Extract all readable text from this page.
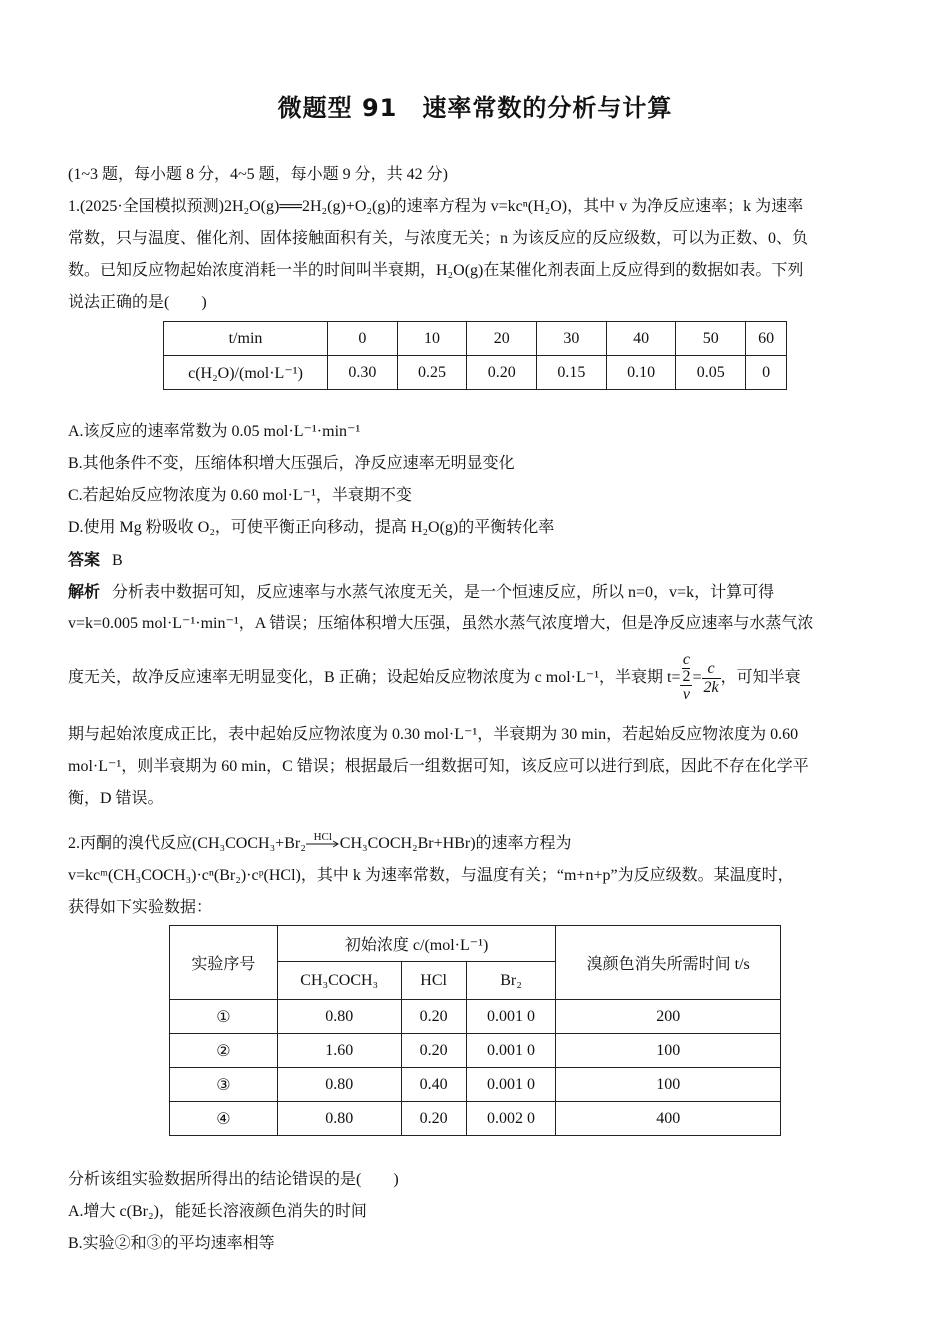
微题型 91　速率常数的分析与计算
(1~3 题，每小题 8 分，4~5 题，每小题 9 分，共 42 分)
1.(2025·全国模拟预测)2H₂O(g)══2H₂(g)+O₂(g)的速率方程为 v=kcⁿ(H₂O)，其中 v 为净反应速率；k 为速率
常数，只与温度、催化剂、固体接触面积有关，与浓度无关；n 为该反应的反应级数，可以为正数、0、负
数。已知反应物起始浓度消耗一半的时间叫半衰期，H₂O(g)在某催化剂表面上反应得到的数据如表。下列
说法正确的是(　　)
t/min	0	10	20	30	40	50	60
c(H₂O)/(mol·L⁻¹)	0.30	0.25	0.20	0.15	0.10	0.05	0
A.该反应的速率常数为 0.05 mol·L⁻¹·min⁻¹
B.其他条件不变，压缩体积增大压强后，净反应速率无明显变化
C.若起始反应物浓度为 0.60 mol·L⁻¹，半衰期不变
D.使用 Mg 粉吸收 O₂，可使平衡正向移动，提高 H₂O(g)的平衡转化率
答案 B
解析 分析表中数据可知，反应速率与水蒸气浓度无关，是一个恒速反应，所以 n=0，v=k，计算可得
v=k=0.005 mol·L⁻¹·min⁻¹，A 错误；压缩体积增大压强，虽然水蒸气浓度增大，但是净反应速率与水蒸气浓
度无关，故净反应速率无明显变化，B 正确；设起始反应物浓度为 c mol·L⁻¹，半衰期 t=
c
2
v
= $\frac{c}{2k}$ ，可知半衰
期与起始浓度成正比，表中起始反应物浓度为 0.30 mol·L⁻¹，半衰期为 30 min，若起始反应物浓度为 0.60
mol·L⁻¹，则半衰期为 60 min，C 错误；根据最后一组数据可知，该反应可以进行到底，因此不存在化学平
衡，D 错误。
2.丙酮的溴代反应(CH₃COCH₃+Br₂ HCl CH₃COCH₂Br+HBr)的速率方程为
v=kcᵐ(CH₃COCH₃)·cⁿ(Br₂)·cᵖ(HCl)，其中 k 为速率常数，与温度有关；“m+n+p”为反应级数。某温度时，
获得如下实验数据：
实验序号	初始浓度 c/(mol·L⁻¹)			溴颜色消失所需时间 t/s
	CH₃COCH₃	HCl	Br₂	
①	0.80	0.20	0.001 0	200
②	1.60	0.20	0.001 0	100
③	0.80	0.40	0.001 0	100
④	0.80	0.20	0.002 0	400
分析该组实验数据所得出的结论错误的是(　　)
A.增大 c(Br₂)，能延长溶液颜色消失的时间
B.实验②和③的平均速率相等
